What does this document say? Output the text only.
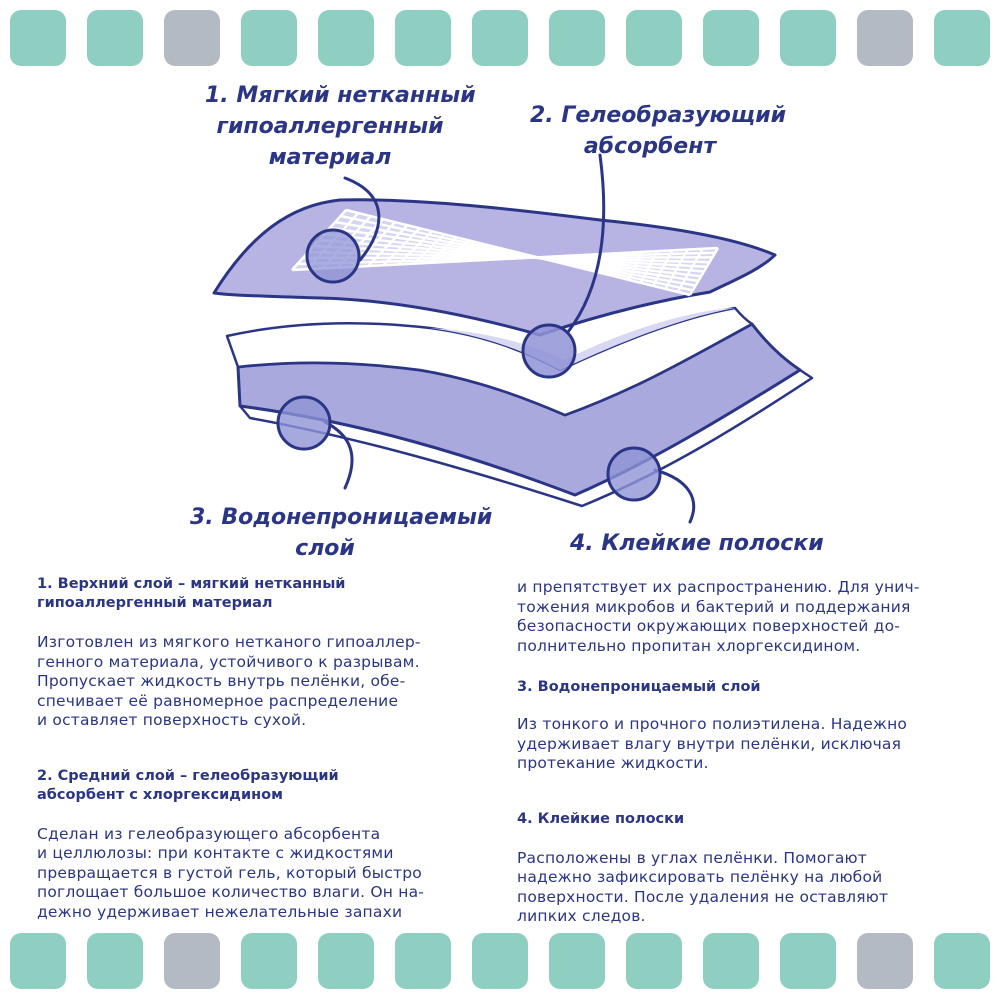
1. Мягкий нетканный
гипоаллергенный
материал
2. Гелеобразующий
абсорбент
3. Водонепроницаемый
слой	4. Клейкие полоски

1. Верхний слой – мягкий нетканный
гипоаллергенный материал

Изготовлен из мягкого нетканого гипоаллер-
генного материала, устойчивого к разрывам.
Пропускает жидкость внутрь пелёнки, обе-
спечивает её равномерное распределение
и оставляет поверхность сухой.

2. Средний слой – гелеобразующий
абсорбент с хлоргексидином

Сделан из гелеобразующего абсорбента
и целлюлозы: при контакте с жидкостями
превращается в густой гель, который быстро
поглощает большое количество влаги. Он на-
дежно удерживает нежелательные запахи

и препятствует их распространению. Для унич-
тожения микробов и бактерий и поддержания
безопасности окружающих поверхностей до-
полнительно пропитан хлоргексидином.

3. Водонепроницаемый слой

Из тонкого и прочного полиэтилена. Надежно
удерживает влагу внутри пелёнки, исключая
протекание жидкости.

4. Клейкие полоски

Расположены в углах пелёнки. Помогают
надежно зафиксировать пелёнку на любой
поверхности. После удаления не оставляют
липких следов.
